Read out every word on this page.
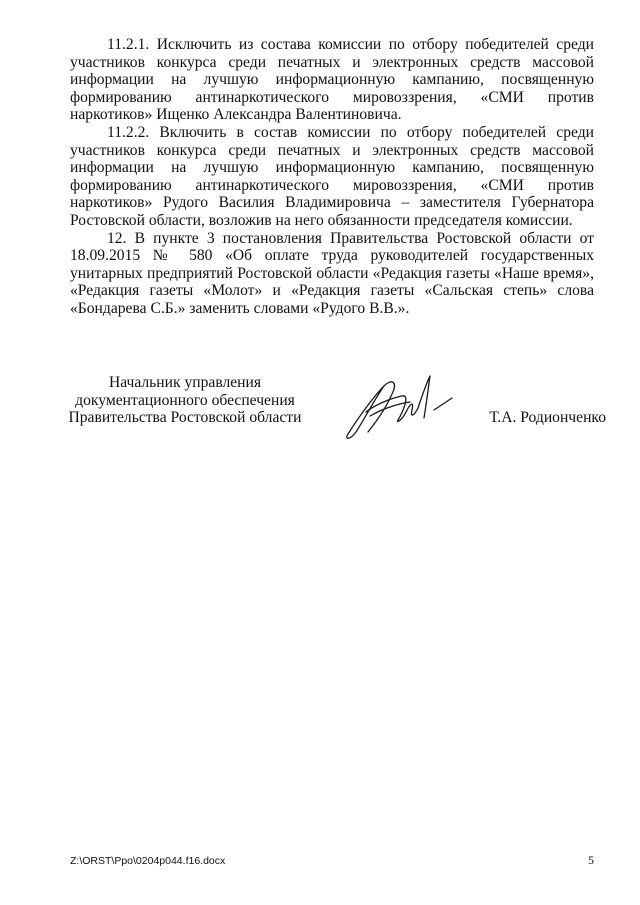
11.2.1. Исключить из состава комиссии по отбору победителей среди участников конкурса среди печатных и электронных средств массовой информации на лучшую информационную кампанию, посвященную формированию антинаркотического мировоззрения, «СМИ против наркотиков» Ищенко Александра Валентиновича.

11.2.2. Включить в состав комиссии по отбору победителей среди участников конкурса среди печатных и электронных средств массовой информации на лучшую информационную кампанию, посвященную формированию антинаркотического мировоззрения, «СМИ против наркотиков» Рудого Василия Владимировича – заместителя Губернатора Ростовской области, возложив на него обязанности председателя комиссии.

12. В пункте 3 постановления Правительства Ростовской области от 18.09.2015 № 580 «Об оплате труда руководителей государственных унитарных предприятий Ростовской области «Редакция газеты «Наше время», «Редакция газеты «Молот» и «Редакция газеты «Сальская степь» слова «Бондарева С.Б.» заменить словами «Рудого В.В.».

Начальник управления
документационного обеспечения
Правительства Ростовской области	Т.А. Родионченко
Z:\ORST\Ppo\0204p044.f16.docx	5
